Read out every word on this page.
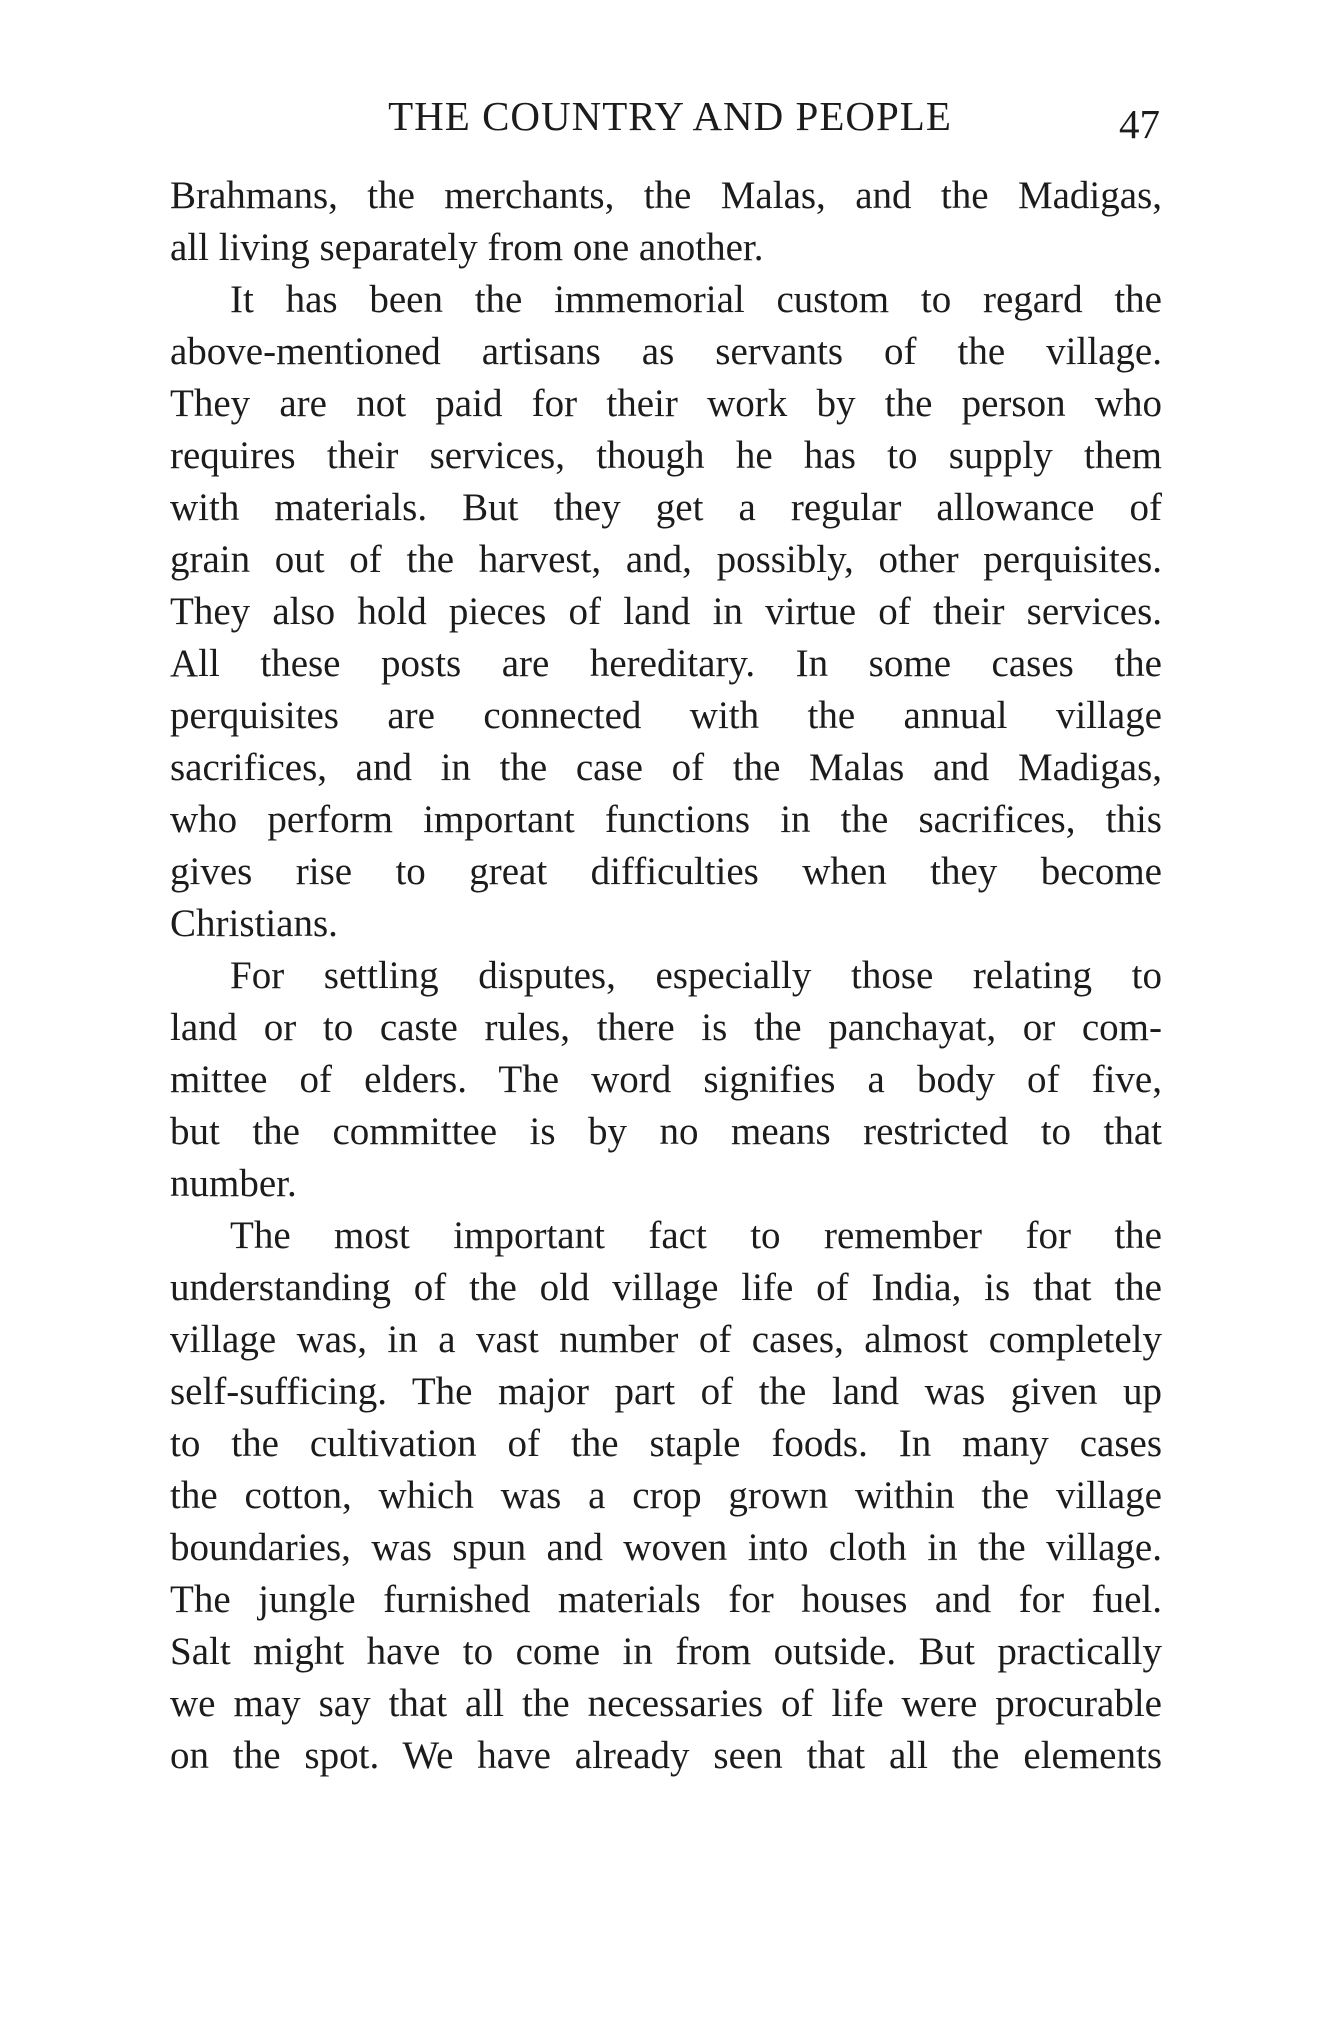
THE COUNTRY AND PEOPLE	47
Brahmans, the merchants, the Malas, and the Madigas,
all living separately from one another.
It has been the immemorial custom to regard the
above-mentioned artisans as servants of the village.
They are not paid for their work by the person who
requires their services, though he has to supply them
with materials. But they get a regular allowance of
grain out of the harvest, and, possibly, other perquisites.
They also hold pieces of land in virtue of their services.
All these posts are hereditary. In some cases the
perquisites are connected with the annual village
sacrifices, and in the case of the Malas and Madigas,
who perform important functions in the sacrifices, this
gives rise to great difficulties when they become
Christians.
For settling disputes, especially those relating to
land or to caste rules, there is the panchayat, or com-
mittee of elders. The word signifies a body of five,
but the committee is by no means restricted to that
number.
The most important fact to remember for the
understanding of the old village life of India, is that the
village was, in a vast number of cases, almost completely
self-sufficing. The major part of the land was given up
to the cultivation of the staple foods. In many cases
the cotton, which was a crop grown within the village
boundaries, was spun and woven into cloth in the village.
The jungle furnished materials for houses and for fuel.
Salt might have to come in from outside. But practically
we may say that all the necessaries of life were procurable
on the spot. We have already seen that all the elements
